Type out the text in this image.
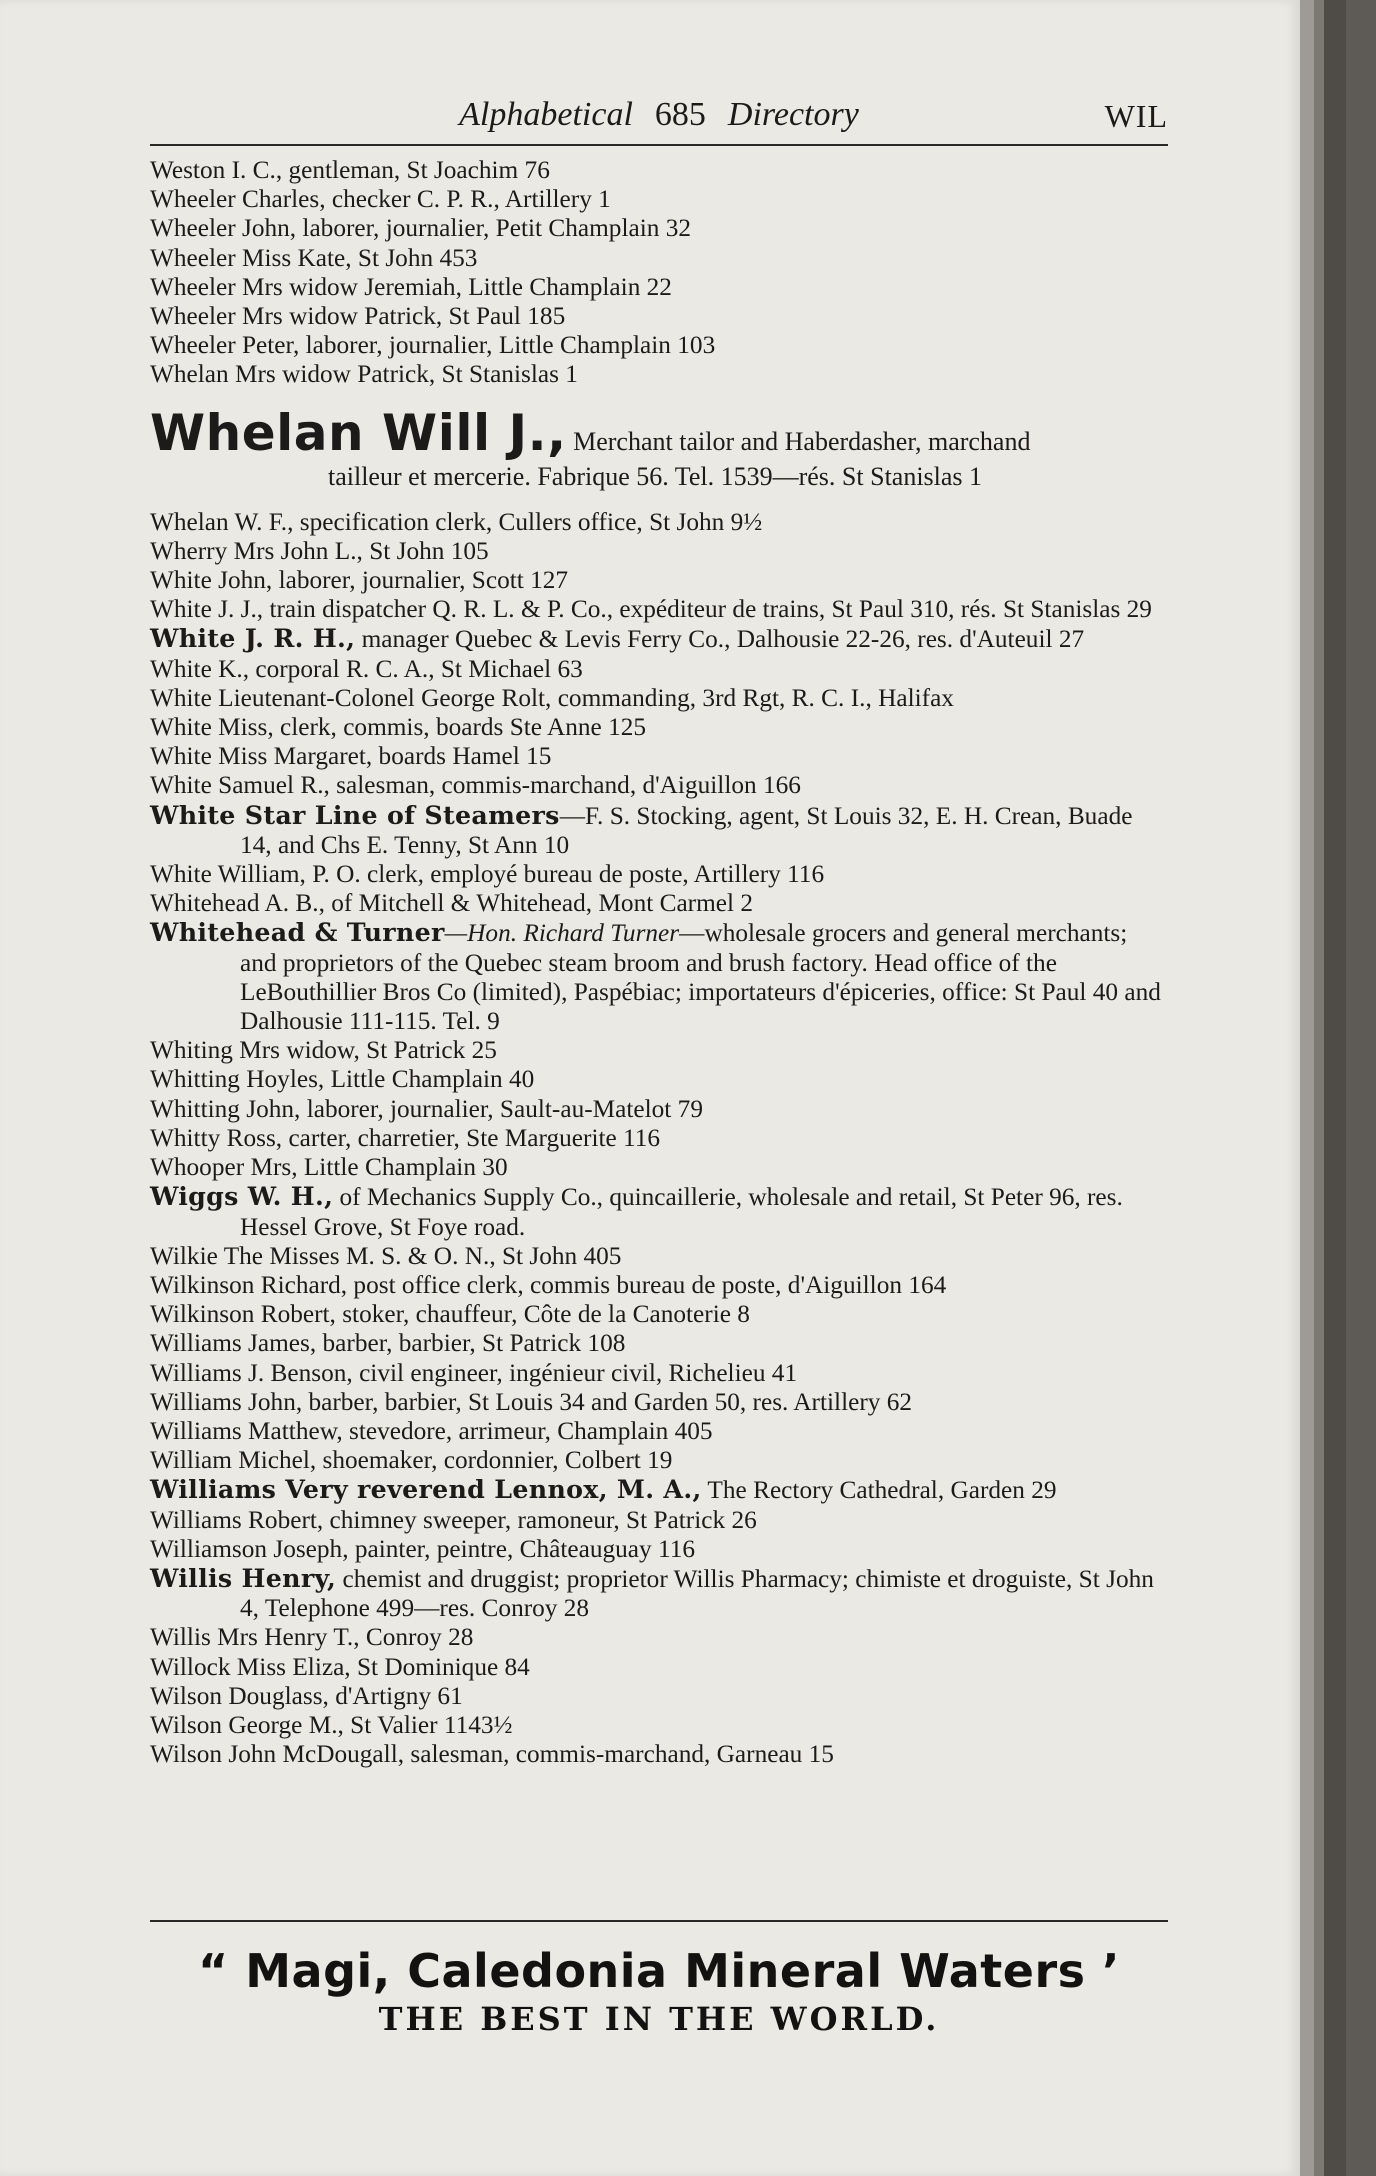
Alphabetical 685 Directory	WIL
Weston I. C., gentleman, St Joachim 76
Wheeler Charles, checker C. P. R., Artillery 1
Wheeler John, laborer, journalier, Petit Champlain 32
Wheeler Miss Kate, St John 453
Wheeler Mrs widow Jeremiah, Little Champlain 22
Wheeler Mrs widow Patrick, St Paul 185
Wheeler Peter, laborer, journalier, Little Champlain 103
Whelan Mrs widow Patrick, St Stanislas 1
Whelan Will J., Merchant tailor and Haberdasher, marchand
tailleur et mercerie. Fabrique 56. Tel. 1539—rés. St Stanislas 1
Whelan W. F., specification clerk, Cullers office, St John 9½
Wherry Mrs John L., St John 105
White John, laborer, journalier, Scott 127
White J. J., train dispatcher Q. R. L. & P. Co., expéditeur de trains, St Paul 310, rés. St Stanislas 29
White J. R. H., manager Quebec & Levis Ferry Co., Dalhousie 22-26, res. d'Auteuil 27
White K., corporal R. C. A., St Michael 63
White Lieutenant-Colonel George Rolt, commanding, 3rd Rgt, R. C. I., Halifax
White Miss, clerk, commis, boards Ste Anne 125
White Miss Margaret, boards Hamel 15
White Samuel R., salesman, commis-marchand, d'Aiguillon 166
White Star Line of Steamers—F. S. Stocking, agent, St Louis 32, E. H. Crean, Buade 14, and Chs E. Tenny, St Ann 10
White William, P. O. clerk, employé bureau de poste, Artillery 116
Whitehead A. B., of Mitchell & Whitehead, Mont Carmel 2
Whitehead & Turner—Hon. Richard Turner—wholesale grocers and general merchants; and proprietors of the Quebec steam broom and brush factory. Head office of the LeBouthillier Bros Co (limited), Paspébiac; importateurs d'épiceries, office: St Paul 40 and Dalhousie 111-115. Tel. 9
Whiting Mrs widow, St Patrick 25
Whitting Hoyles, Little Champlain 40
Whitting John, laborer, journalier, Sault-au-Matelot 79
Whitty Ross, carter, charretier, Ste Marguerite 116
Whooper Mrs, Little Champlain 30
Wiggs W. H., of Mechanics Supply Co., quincaillerie, wholesale and retail, St Peter 96, res. Hessel Grove, St Foye road.
Wilkie The Misses M. S. & O. N., St John 405
Wilkinson Richard, post office clerk, commis bureau de poste, d'Aiguillon 164
Wilkinson Robert, stoker, chauffeur, Côte de la Canoterie 8
Williams James, barber, barbier, St Patrick 108
Williams J. Benson, civil engineer, ingénieur civil, Richelieu 41
Williams John, barber, barbier, St Louis 34 and Garden 50, res. Artillery 62
Williams Matthew, stevedore, arrimeur, Champlain 405
William Michel, shoemaker, cordonnier, Colbert 19
Williams Very reverend Lennox, M. A., The Rectory Cathedral, Garden 29
Williams Robert, chimney sweeper, ramoneur, St Patrick 26
Williamson Joseph, painter, peintre, Châteauguay 116
Willis Henry, chemist and druggist; proprietor Willis Pharmacy; chimiste et droguiste, St John 4, Telephone 499—res. Conroy 28
Willis Mrs Henry T., Conroy 28
Willock Miss Eliza, St Dominique 84
Wilson Douglass, d'Artigny 61
Wilson George M., St Valier 1143½
Wilson John McDougall, salesman, commis-marchand, Garneau 15
“ Magi, Caledonia Mineral Waters ’
THE BEST IN THE WORLD.
